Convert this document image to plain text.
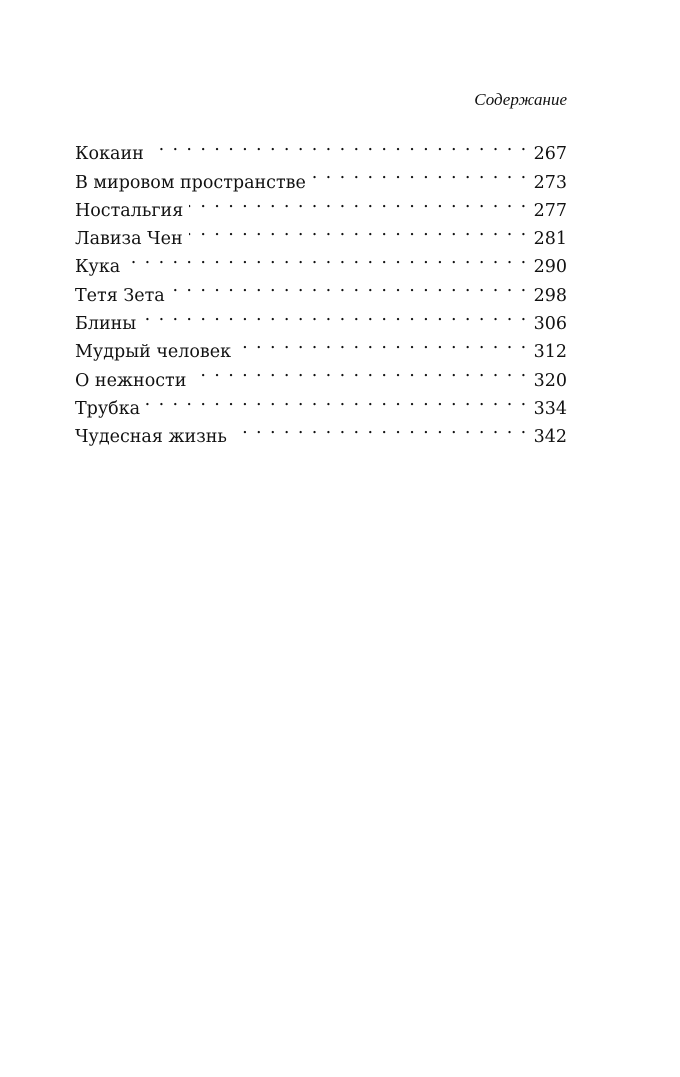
Содержание
Кокаин . . .	267
В мировом пространстве . . .	273
Ностальгия . . .	277
Лавиза Чен . . .	281
Кука . . .	290
Тетя Зета . . .	298
Блины . . .	306
Мудрый человек . . .	312
О нежности . . .	320
Трубка . . .	334
Чудесная жизнь . . .	342
